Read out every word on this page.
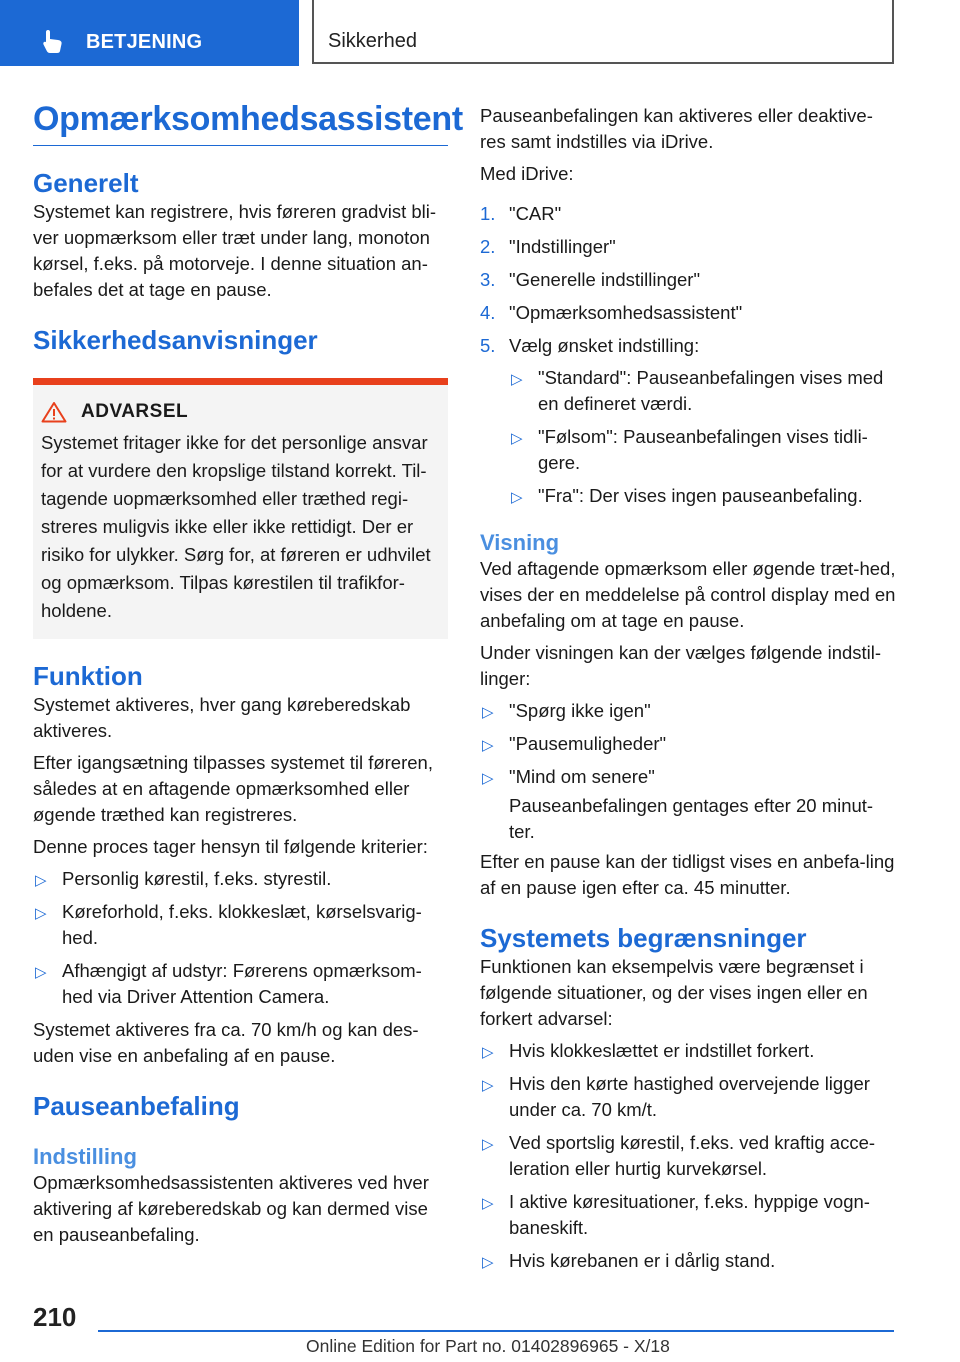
BETJENING	Sikkerhed
Opmærksomhedsassistent
Generelt

Systemet kan registrere, hvis føreren gradvist bli-ver uopmærksom eller træt under lang, monoton kørsel, f.eks. på motorveje. I denne situation an-befales det at tage en pause.

Sikkerhedsanvisninger
ADVARSEL
Systemet fritager ikke for det personlige ansvar for at vurdere den kropslige tilstand korrekt. Til-tagende uopmærksomhed eller træthed regi-streres muligvis ikke eller ikke rettidigt. Der er risiko for ulykker. Sørg for, at føreren er udhvilet og opmærksom. Tilpas kørestilen til trafikfor-holdene.
Funktion

Systemet aktiveres, hver gang køreberedskab aktiveres.

Efter igangsætning tilpasses systemet til føreren, således at en aftagende opmærksomhed eller øgende træthed kan registreres.

Denne proces tager hensyn til følgende kriterier:

▷ Personlig kørestil, f.eks. styrestil.
▷ Køreforhold, f.eks. klokkeslæt, kørselsvarig-hed.
▷ Afhængigt af udstyr: Førerens opmærksom-hed via Driver Attention Camera.

Systemet aktiveres fra ca. 70 km/h og kan des-uden vise en anbefaling af en pause.

Pauseanbefaling
Indstilling

Opmærksomhedsassistenten aktiveres ved hver aktivering af køreberedskab og kan dermed vise en pauseanbefaling.

Pauseanbefalingen kan aktiveres eller deaktive-res samt indstilles via iDrive.

Med iDrive:

1. "CAR"
2. "Indstillinger"
3. "Generelle indstillinger"
4. "Opmærksomhedsassistent"
5. Vælg ønsket indstilling:
▷ "Standard": Pauseanbefalingen vises med en defineret værdi.
▷ "Følsom": Pauseanbefalingen vises tidli-gere.
▷ "Fra": Der vises ingen pauseanbefaling.
Visning

Ved aftagende opmærksom eller øgende træt-hed, vises der en meddelelse på control display med en anbefaling om at tage en pause.

Under visningen kan der vælges følgende indstil-linger:

▷ "Spørg ikke igen"
▷ "Pausemuligheder"
▷ "Mind om senere"
Pauseanbefalingen gentages efter 20 minut-ter.

Efter en pause kan der tidligst vises en anbefa-ling af en pause igen efter ca. 45 minutter.

Systemets begrænsninger

Funktionen kan eksempelvis være begrænset i følgende situationer, og der vises ingen eller en forkert advarsel:

▷ Hvis klokkeslættet er indstillet forkert.
▷ Hvis den kørte hastighed overvejende ligger under ca. 70 km/t.
▷ Ved sportslig kørestil, f.eks. ved kraftig acce-leration eller hurtig kurvekørsel.
▷ I aktive køresituationer, f.eks. hyppige vogn-baneskift.
▷ Hvis kørebanen er i dårlig stand.
210
Online Edition for Part no. 01402896965 - X/18
